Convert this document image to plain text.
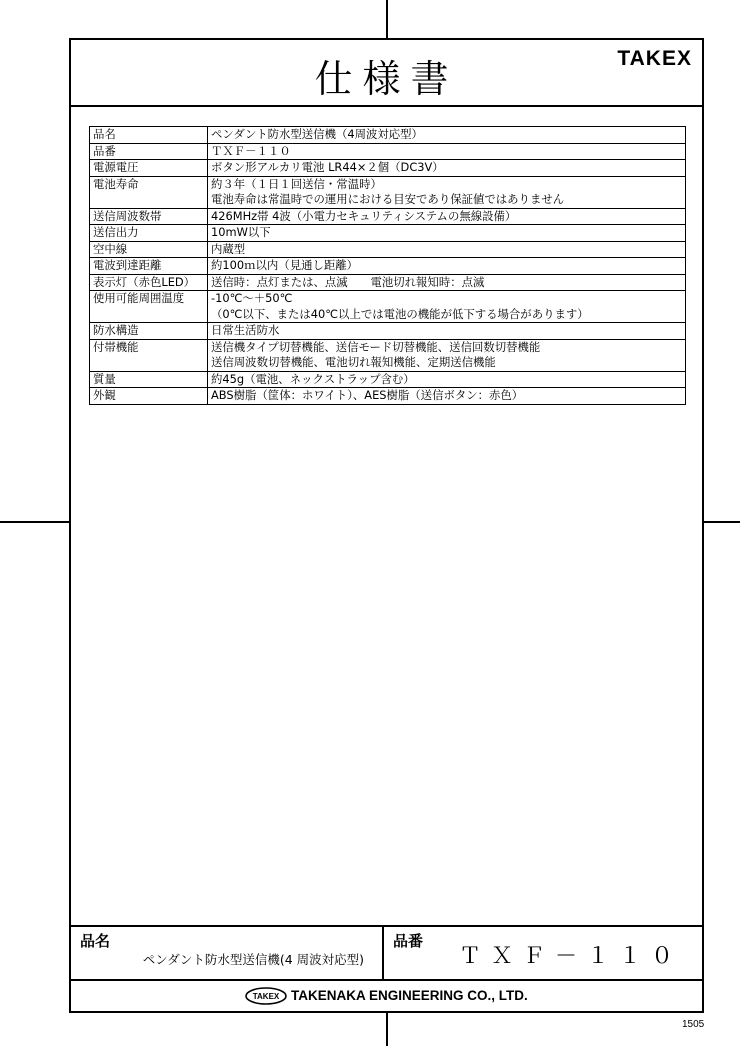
仕様書	TAKEX
品名	ペンダント防水型送信機（4周波対応型）

品番	ＴＸＦ－１１０

電源電圧	ボタン形アルカリ電池 LR44×２個（DC3V）

電池寿命	約３年（１日１回送信・常温時）
電池寿命は常温時での運用における目安であり保証値ではありません

送信周波数帯	426MHz帯 4波（小電力セキュリティシステムの無線設備）

送信出力	10mW以下

空中線	内蔵型

電波到達距離	約100ｍ以内（見通し距離）

表示灯（赤色LED）	送信時：点灯または、点滅　　電池切れ報知時：点滅

使用可能周囲温度	-10℃～＋50℃
（0℃以下、または40℃以上では電池の機能が低下する場合があります）

防水構造	日常生活防水

付帯機能	送信機タイプ切替機能、送信モード切替機能、送信回数切替機能
送信周波数切替機能、電池切れ報知機能、定期送信機能

質量	約45g（電池、ネックストラップ含む）

外観	ABS樹脂（筐体：ホワイト）、AES樹脂（送信ボタン：赤色）
品名
ペンダント防水型送信機(4 周波対応型)
品番
ＴＸＦ－１１０
TAKEX TAKENAKA ENGINEERING CO., LTD.
1505
